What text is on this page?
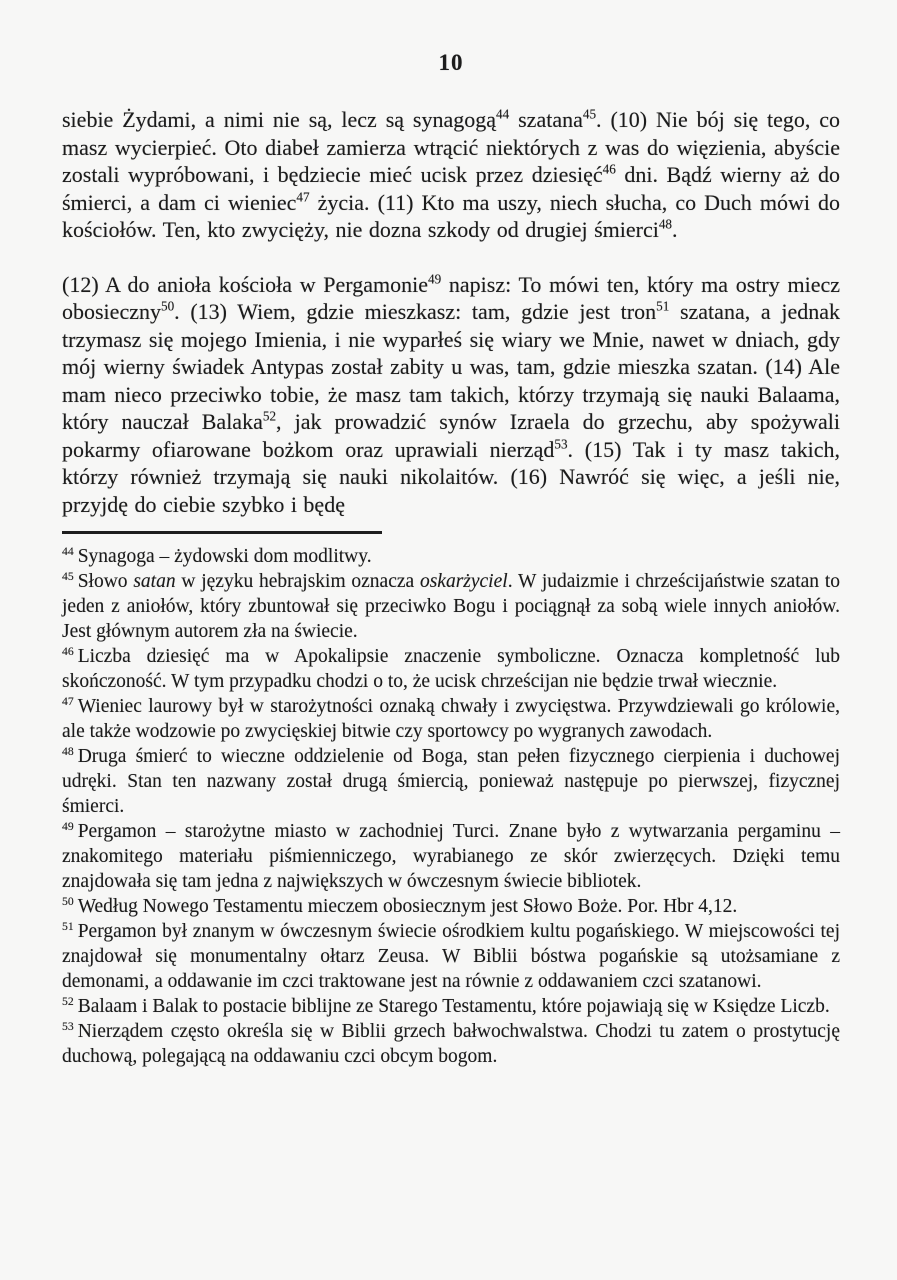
10

siebie Żydami, a nimi nie są, lecz są synagogą$^{44}$ szatana$^{45}$. (10) Nie bój się tego, co masz wycierpieć. Oto diabeł zamierza wtrącić niektórych z was do więzienia, abyście zostali wypróbowani, i będziecie mieć ucisk przez dziesięć$^{46}$ dni. Bądź wierny aż do śmierci, a dam ci wieniec$^{47}$ życia. (11) Kto ma uszy, niech słucha, co Duch mówi do kościołów. Ten, kto zwycięży, nie dozna szkody od drugiej śmierci$^{48}$.

(12) A do anioła kościoła w Pergamonie$^{49}$ napisz: To mówi ten, który ma ostry miecz obosieczny$^{50}$. (13) Wiem, gdzie mieszkasz: tam, gdzie jest tron$^{51}$ szatana, a jednak trzymasz się mojego Imienia, i nie wyparłeś się wiary we Mnie, nawet w dniach, gdy mój wierny świadek Antypas został zabity u was, tam, gdzie mieszka szatan. (14) Ale mam nieco przeciwko tobie, że masz tam takich, którzy trzymają się nauki Balaama, który nauczał Balaka$^{52}$, jak prowadzić synów Izraela do grzechu, aby spożywali pokarmy ofiarowane bożkom oraz uprawiali nierząd$^{53}$. (15) Tak i ty masz takich, którzy również trzymają się nauki nikolaitów. (16) Nawróć się więc, a jeśli nie, przyjdę do ciebie szybko i będę

$^{44}$ Synagoga – żydowski dom modlitwy.

$^{45}$ Słowo satan w języku hebrajskim oznacza oskarżyciel. W judaizmie i chrześcijaństwie szatan to jeden z aniołów, który zbuntował się przeciwko Bogu i pociągnął za sobą wiele innych aniołów. Jest głównym autorem zła na świecie.

$^{46}$ Liczba dziesięć ma w Apokalipsie znaczenie symboliczne. Oznacza kompletność lub skończoność. W tym przypadku chodzi o to, że ucisk chrześcijan nie będzie trwał wiecznie.

$^{47}$ Wieniec laurowy był w starożytności oznaką chwały i zwycięstwa. Przywdziewali go królowie, ale także wodzowie po zwycięskiej bitwie czy sportowcy po wygranych zawodach.

$^{48}$ Druga śmierć to wieczne oddzielenie od Boga, stan pełen fizycznego cierpienia i duchowej udręki. Stan ten nazwany został drugą śmiercią, ponieważ następuje po pierwszej, fizycznej śmierci.

$^{49}$ Pergamon – starożytne miasto w zachodniej Turci. Znane było z wytwarzania pergaminu – znakomitego materiału piśmienniczego, wyrabianego ze skór zwierzęcych. Dzięki temu znajdowała się tam jedna z największych w ówczesnym świecie bibliotek.

$^{50}$ Według Nowego Testamentu mieczem obosiecznym jest Słowo Boże. Por. Hbr 4,12.

$^{51}$ Pergamon był znanym w ówczesnym świecie ośrodkiem kultu pogańskiego. W miejscowości tej znajdował się monumentalny ołtarz Zeusa. W Biblii bóstwa pogańskie są utożsamiane z demonami, a oddawanie im czci traktowane jest na równie z oddawaniem czci szatanowi.

$^{52}$ Balaam i Balak to postacie biblijne ze Starego Testamentu, które pojawiają się w Księdze Liczb.

$^{53}$ Nierządem często określa się w Biblii grzech bałwochwalstwa. Chodzi tu zatem o prostytucję duchową, polegającą na oddawaniu czci obcym bogom.
